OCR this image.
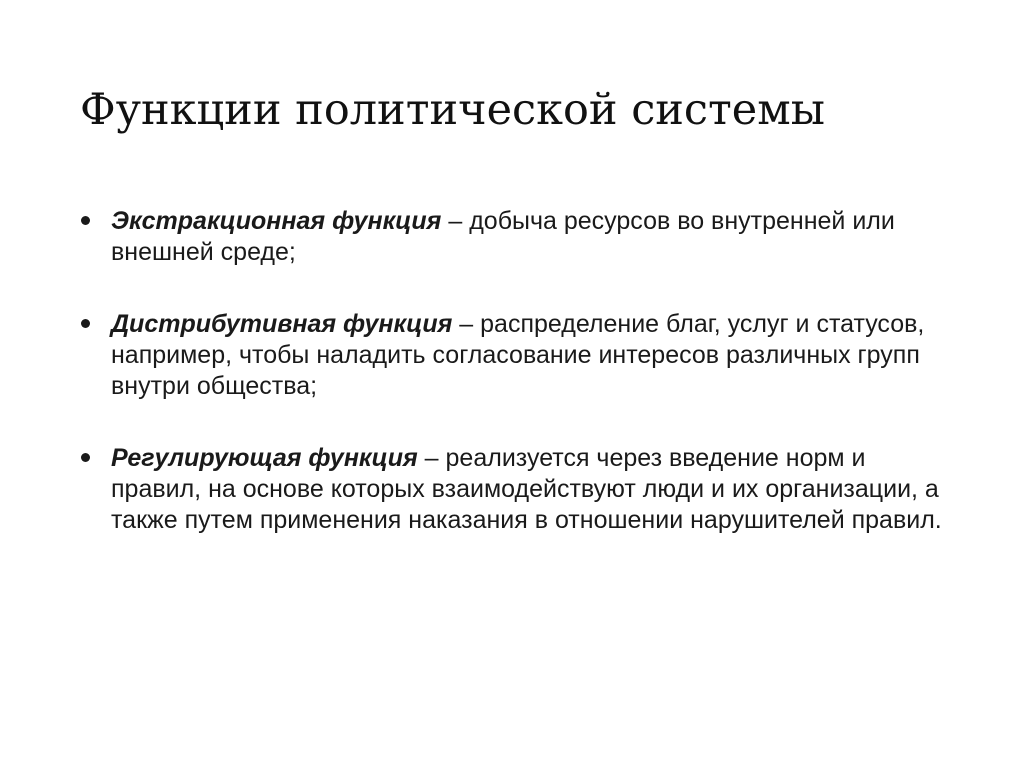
Функции политической системы
Экстракционная функция – добыча ресурсов во внутренней или внешней среде;
Дистрибутивная функция – распределение благ, услуг и статусов, например, чтобы наладить согласование интересов различных групп внутри общества;
Регулирующая функция – реализуется через введение норм и правил, на основе которых взаимодействуют люди и их организации, а также путем применения наказания в отношении нарушителей правил.
